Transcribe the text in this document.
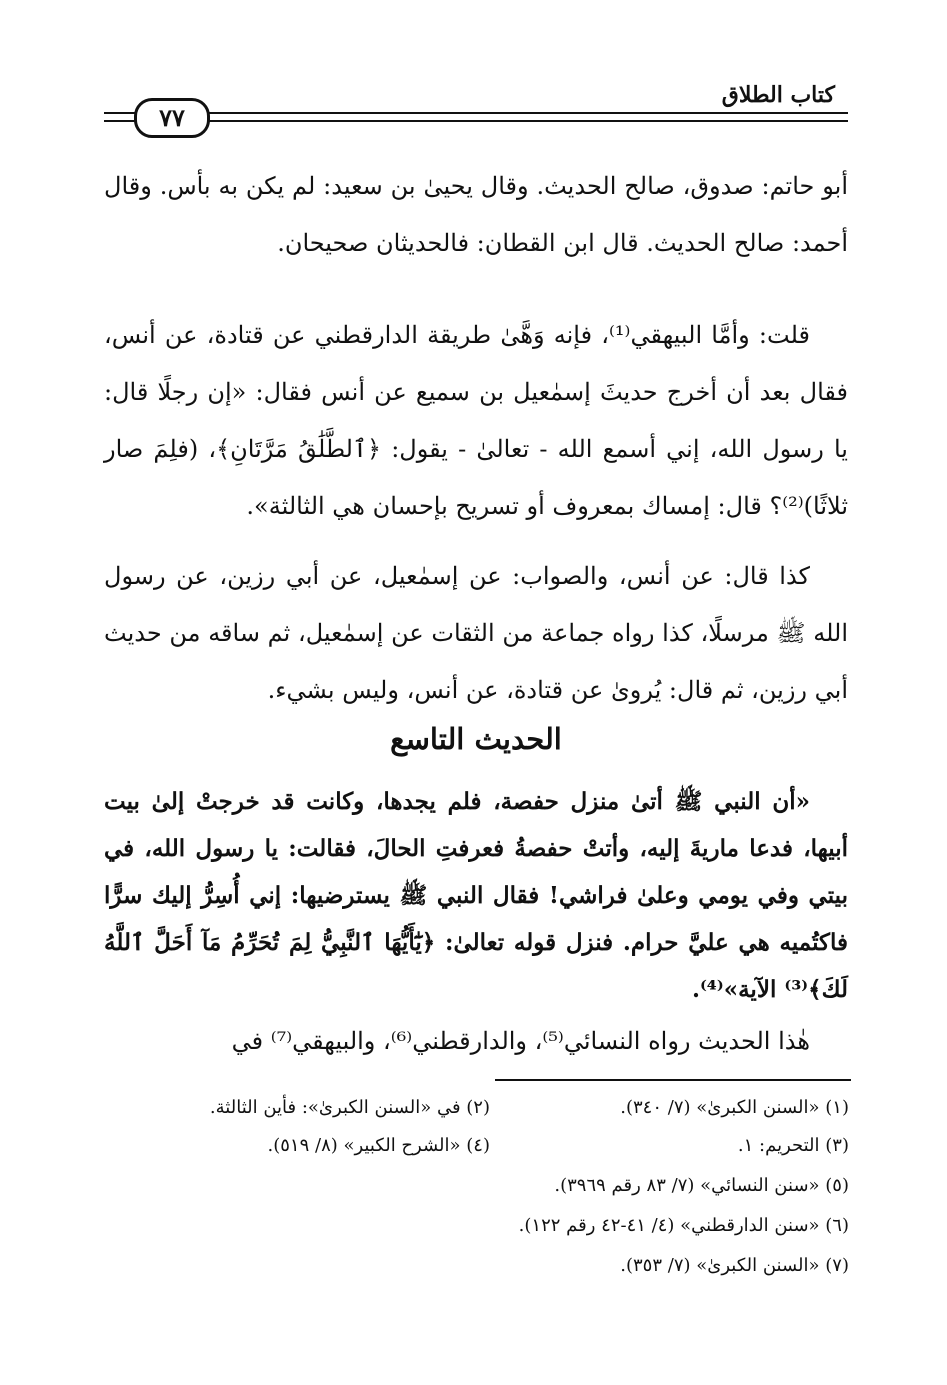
كتاب الطلاق
٧٧

أبو حاتم: صدوق، صالح الحديث. وقال يحيىٰ بن سعيد: لم يكن به بأس. وقال أحمد: صالح الحديث. قال ابن القطان: فالحديثان صحيحان.

قلت: وأمَّا البيهقي⁽¹⁾، فإنه وَهَّىٰ طريقة الدارقطني عن قتادة، عن أنس، فقال بعد أن أخرج حديثَ إسمٰعيل بن سميع عن أنس فقال: «إن رجلًا قال: يا رسول الله، إني أسمع الله - تعالىٰ - يقول: ﴿ٱلطَّلَٰقُ مَرَّتَانِ﴾، (فلِمَ صار ثلاثًا)⁽²⁾؟ قال: إمساك بمعروف أو تسريح بإحسان هي الثالثة».

كذا قال: عن أنس، والصواب: عن إسمٰعيل، عن أبي رزين، عن رسول الله ﷺ مرسلًا، كذا رواه جماعة من الثقات عن إسمٰعيل، ثم ساقه من حديث أبي رزين، ثم قال: يُروىٰ عن قتادة، عن أنس، وليس بشيء.

الحديث التاسع

«أن النبي ﷺ أتىٰ منزل حفصة، فلم يجدها، وكانت قد خرجتْ إلىٰ بيت أبيها، فدعا ماريةَ إليه، وأتتْ حفصةُ فعرفتِ الحالَ، فقالت: يا رسول الله، في بيتي وفي يومي وعلىٰ فراشي! فقال النبي ﷺ يسترضيها: إني أُسِرُّ إليك سرًّا فاكتُميه هي عليَّ حرام. فنزل قوله تعالىٰ: ﴿يَٰٓأَيُّهَا ٱلنَّبِيُّ لِمَ تُحَرِّمُ مَآ أَحَلَّ ٱللَّهُ لَكَ﴾⁽³⁾ الآية»⁽⁴⁾.

هٰذا الحديث رواه النسائي⁽⁵⁾، والدارقطني⁽⁶⁾، والبيهقي⁽⁷⁾ في

(١) «السنن الكبرىٰ» (٧/ ٣٤٠).
(٢) في «السنن الكبرىٰ»: فأين الثالثة.
(٣) التحريم: ١.
(٤) «الشرح الكبير» (٨/ ٥١٩).
(٥) «سنن النسائي» (٧/ ٨٣ رقم ٣٩٦٩).
(٦) «سنن الدارقطني» (٤/ ٤١-٤٢ رقم ١٢٢).
(٧) «السنن الكبرىٰ» (٧/ ٣٥٣).
